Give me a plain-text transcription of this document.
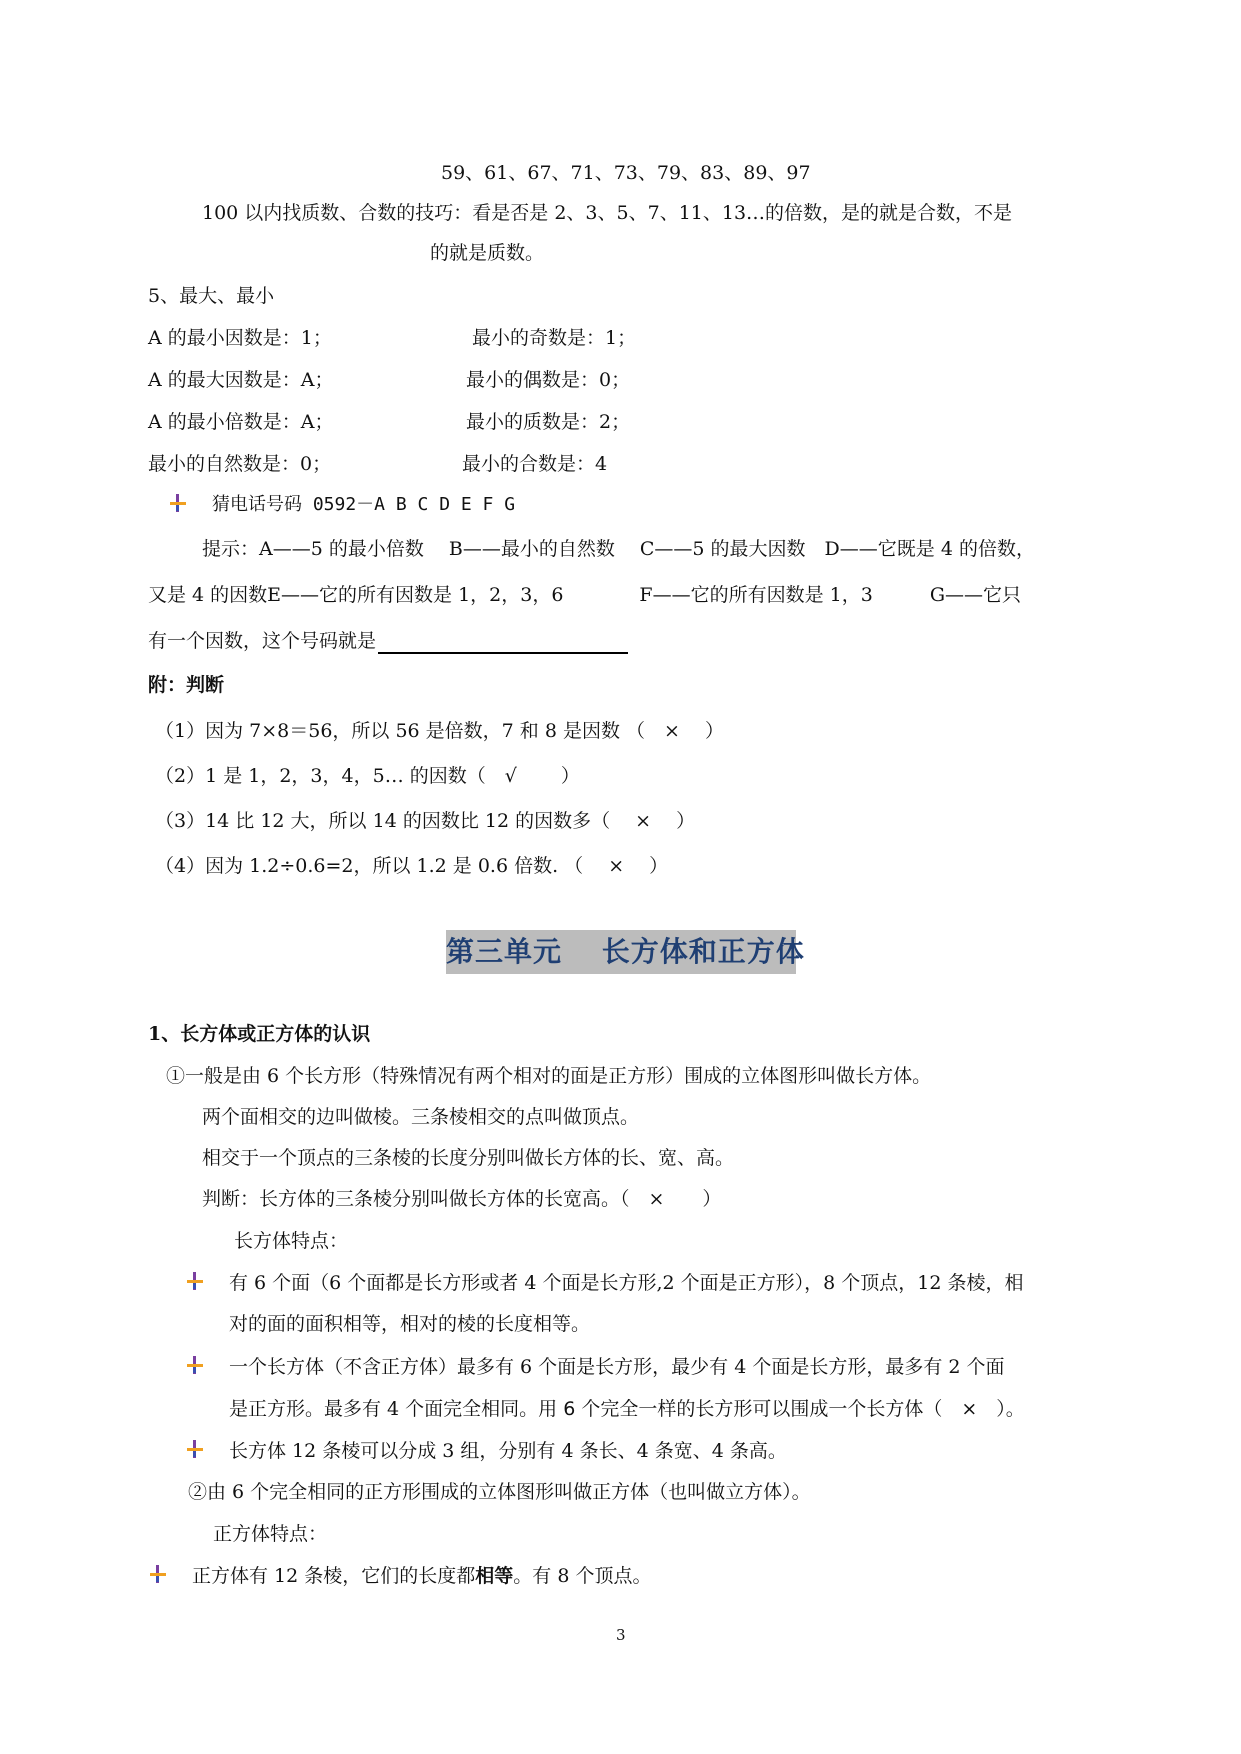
59、61、67、71、73、79、83、89、97
100 以内找质数、合数的技巧：看是否是 2、3、5、7、11、13…的倍数，是的就是合数，不是
的就是质数。
5、最大、最小
A 的最小因数是：1；	最小的奇数是：1；
A 的最大因数是：A；	最小的偶数是：0；
A 的最小倍数是：A；	最小的质数是：2；
最小的自然数是：0；	最小的合数是：4
猜电话号码 0592－A B C D E F G
提示：A——5 的最小倍数　 B——最小的自然数　 C——5 的最大因数　D——它既是 4 的倍数，
又是 4 的因数E——它的所有因数是 1，2，3，6　　　　F——它的所有因数是 1，3　　　G——它只
有一个因数，这个号码就是
附：判断
（1）因为 7×8＝56，所以 56 是倍数，7 和 8 是因数 （　×　 ）
（2）1 是 1，2，3，4，5… 的因数（　√　　 ）
（3）14 比 12 大，所以 14 的因数比 12 的因数多（　 ×　 ）
（4）因为 1.2÷0.6=2，所以 1.2 是 0.6 倍数. （　 ×　 ）
第三单元　 长方体和正方体
1、长方体或正方体的认识
①一般是由 6 个长方形（特殊情况有两个相对的面是正方形）围成的立体图形叫做长方体。
两个面相交的边叫做棱。三条棱相交的点叫做顶点。
相交于一个顶点的三条棱的长度分别叫做长方体的长、宽、高。
判断：长方体的三条棱分别叫做长方体的长宽高。（　×　　）
长方体特点：
有 6 个面（6 个面都是长方形或者 4 个面是长方形,2 个面是正方形），8 个顶点，12 条棱，相
对的面的面积相等，相对的棱的长度相等。
一个长方体（不含正方体）最多有 6 个面是长方形，最少有 4 个面是长方形，最多有 2 个面
是正方形。最多有 4 个面完全相同。用 6 个完全一样的长方形可以围成一个长方体（　×　）。
长方体 12 条棱可以分成 3 组，分别有 4 条长、4 条宽、4 条高。
②由 6 个完全相同的正方形围成的立体图形叫做正方体（也叫做立方体）。
正方体特点：
正方体有 12 条棱，它们的长度都相等。有 8 个顶点。
3
